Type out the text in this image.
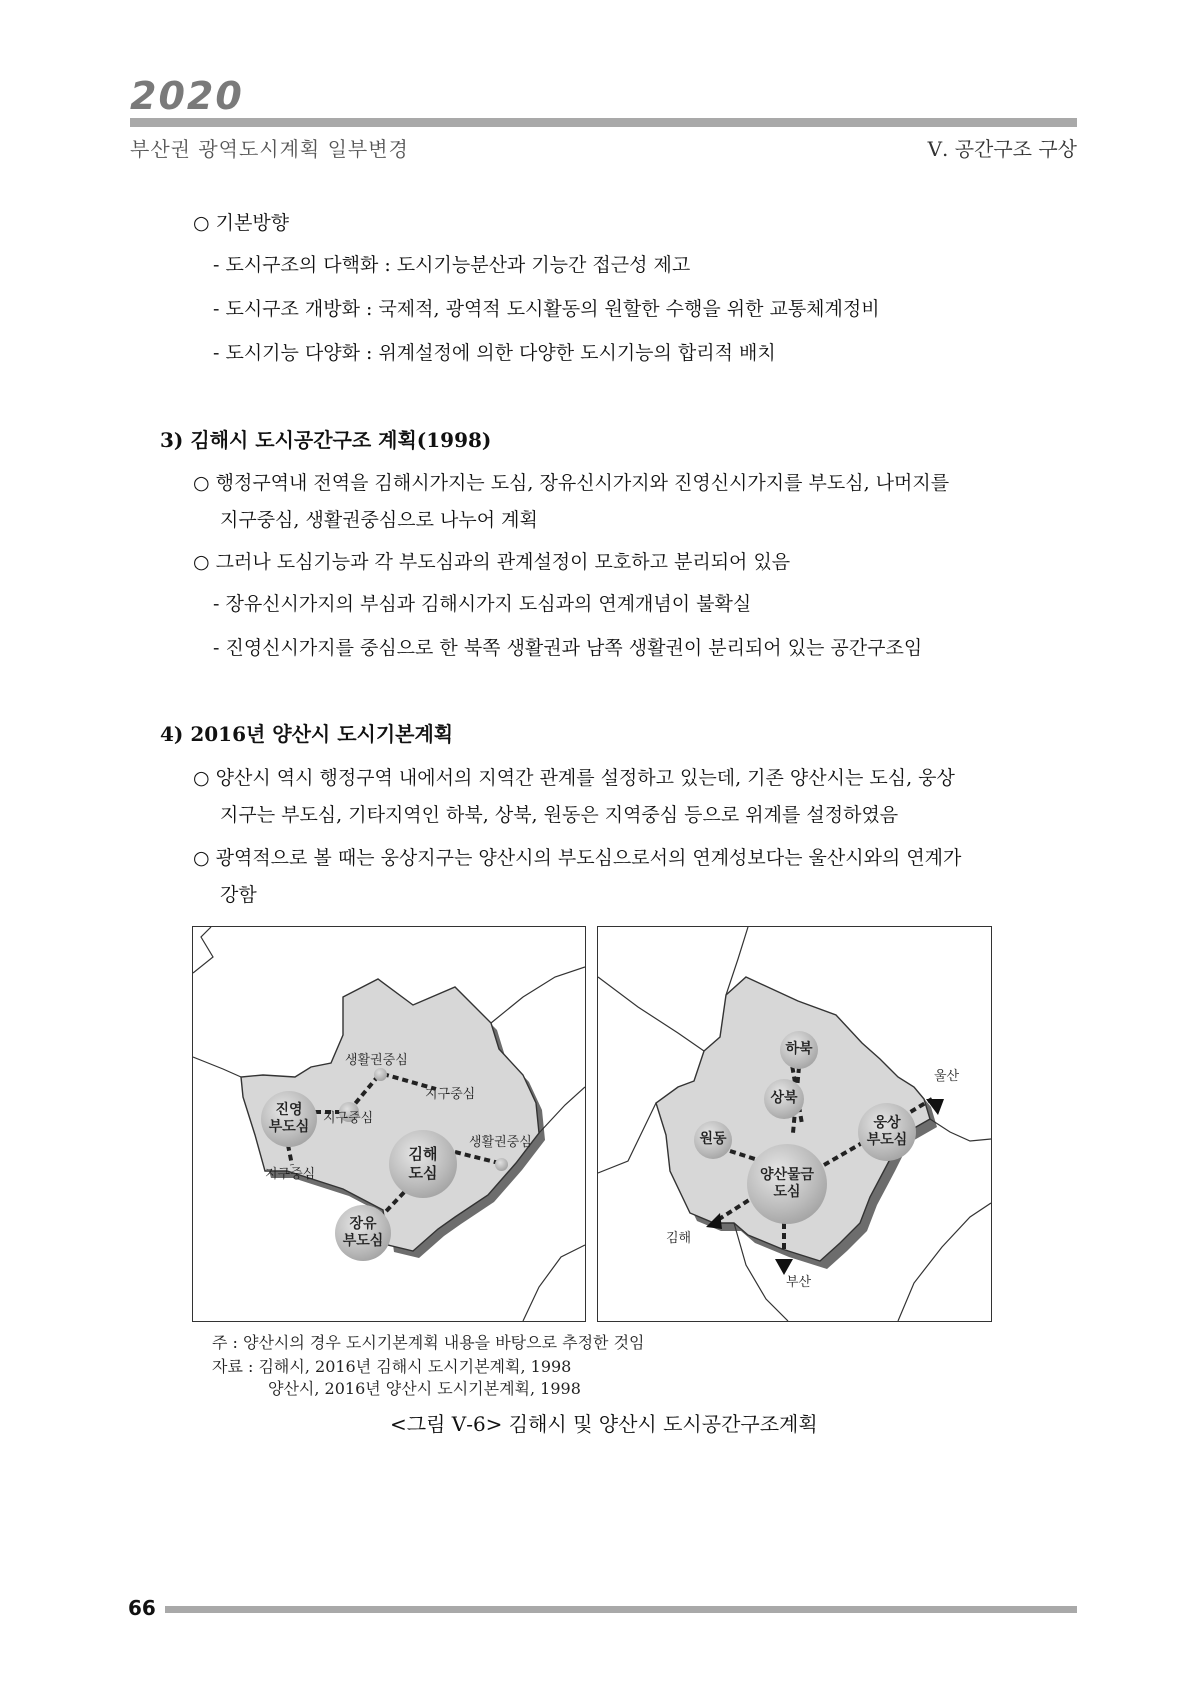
2020
부산권 광역도시계획 일부변경	Ⅴ. 공간구조 구상
○ 기본방향
- 도시구조의 다핵화 : 도시기능분산과 기능간 접근성 제고
- 도시구조 개방화 : 국제적, 광역적 도시활동의 원할한 수행을 위한 교통체계정비
- 도시기능 다양화 : 위계설정에 의한 다양한 도시기능의 합리적 배치
3) 김해시 도시공간구조 계획(1998)
○ 행정구역내 전역을 김해시가지는 도심, 장유신시가지와 진영신시가지를 부도심, 나머지를
지구중심, 생활권중심으로 나누어 계획
○ 그러나 도심기능과 각 부도심과의 관계설정이 모호하고 분리되어 있음
- 장유신시가지의 부심과 김해시가지 도심과의 연계개념이 불확실
- 진영신시가지를 중심으로 한 북쪽 생활권과 남쪽 생활권이 분리되어 있는 공간구조임
4) 2016년 양산시 도시기본계획
○ 양산시 역시 행정구역 내에서의 지역간 관계를 설정하고 있는데, 기존 양산시는 도심, 웅상
지구는 부도심, 기타지역인 하북, 상북, 원동은 지역중심 등으로 위계를 설정하였음
○ 광역적으로 볼 때는 웅상지구는 양산시의 부도심으로서의 연계성보다는 울산시와의 연계가
강함
진영
부도심
김해
도심
장유
부도심
생활권중심
지구중심
지구중심
생활권중심
지구중심
하북
상북
원동
양산물금
도심
웅상
부도심
울산
김해
부산
주 : 양산시의 경우 도시기본계획 내용을 바탕으로 추정한 것임
자료 : 김해시, 2016년 김해시 도시기본계획, 1998
양산시, 2016년 양산시 도시기본계획, 1998
<그림 Ⅴ-6> 김해시 및 양산시 도시공간구조계획
66
